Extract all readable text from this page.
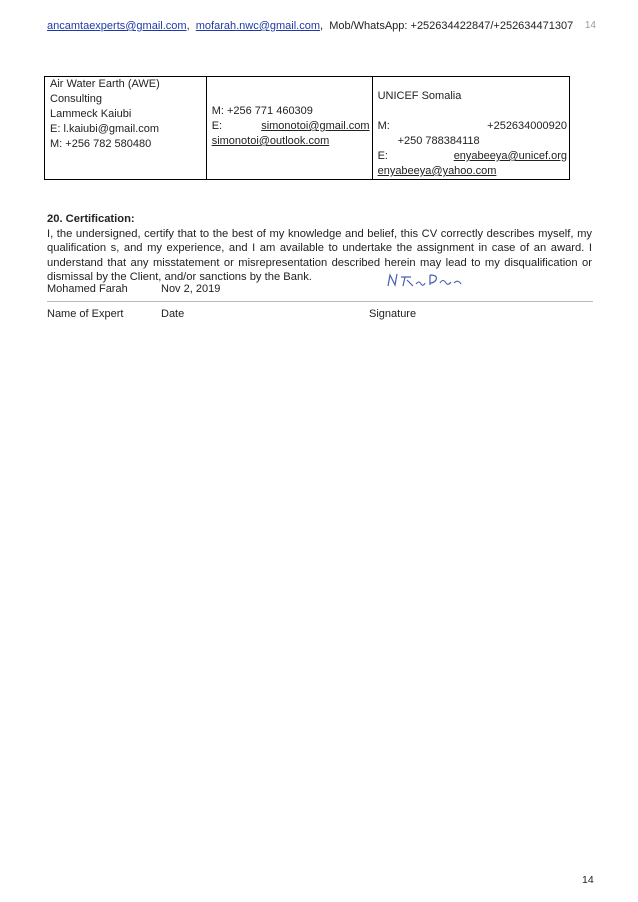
ancamtaexperts@gmail.com, mofarah.nwc@gmail.com, Mob/WhatsApp: +252634422847/+252634471307 14
Air Water Earth (AWE) Consulting
Lammeck Kaiubi
E: l.kaiubi@gmail.com
M: +256 782 580480

M: +256 771 460309
E:	simonotoi@gmail.com
simonotoi@outlook.com

UNICEF Somalia
M:	+252634000920
+250 788384118
E:	enyabeeya@unicef.org
enyabeeya@yahoo.com
20. Certification:

I, the undersigned, certify that to the best of my knowledge and belief, this CV correctly describes myself, my qualification s, and my experience, and I am available to undertake the assignment in case of an award. I understand that any misstatement or misrepresentation described herein may lead to my disqualification or dismissal by the Client, and/or sanctions by the Bank.

Mohamed Farah	Nov 2, 2019
Name of Expert	Date	Signature
14
